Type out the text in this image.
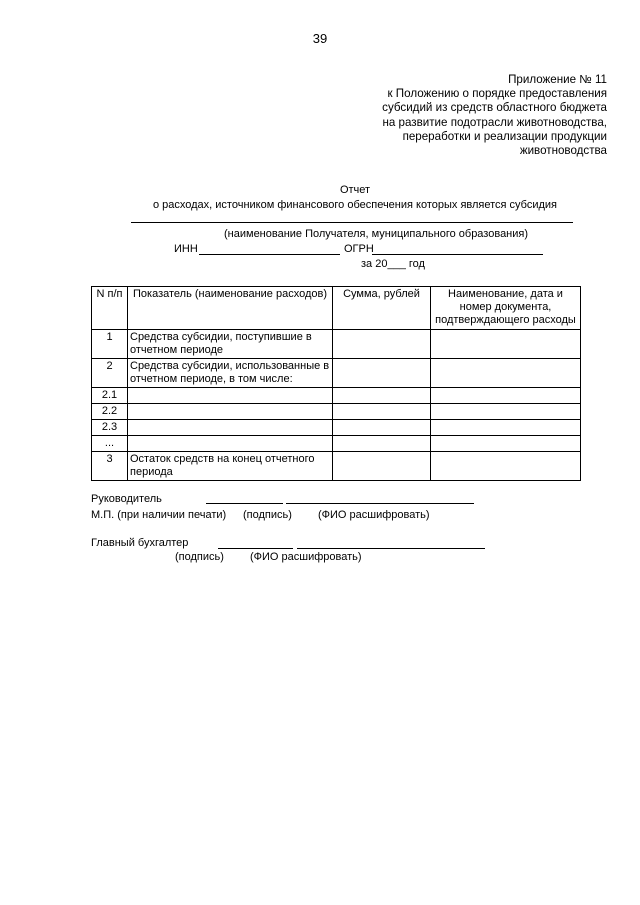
39
Приложение № 11
к Положению о порядке предоставления
субсидий из средств областного бюджета
на развитие подотрасли животноводства,
переработки и реализации продукции
животноводства
Отчет
о расходах, источником финансового обеспечения которых является субсидия
(наименование Получателя, муниципального образования)
ИНН	ОГРН
за 20___ год
N п/п	Показатель (наименование расходов)	Сумма, рублей	Наименование, дата и номер документа, подтверждающего расходы
1	Средства субсидии, поступившие в отчетном периоде		
2	Средства субсидии, использованные в отчетном периоде, в том числе:		
2.1			
2.2			
2.3			
...			
3	Остаток средств на конец отчетного периода		
Руководитель
М.П. (при наличии печати) (подпись) (ФИО расшифровать)
Главный бухгалтер
(подпись) (ФИО расшифровать)
